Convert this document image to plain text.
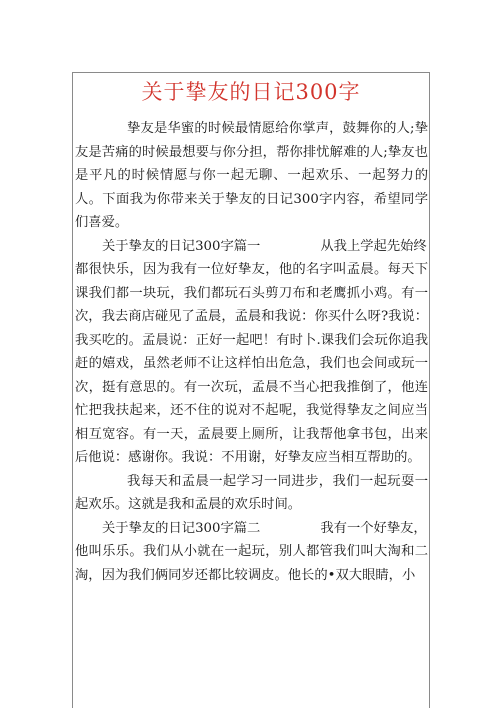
关于挚友的日记300字

挚友是华蜜的时候最情愿给你掌声，鼓舞你的人;挚友是苦痛的时候最想要与你分担，帮你排忧解难的人;挚友也是平凡的时候情愿与你一起无聊、一起欢乐、一起努力的人。下面我为你带来关于挚友的日记300字内容，希望同学们喜爱。

关于挚友的日记300字篇一	从我上学起先始终

都很快乐，因为我有一位好挚友，他的名字叫孟晨。每天下课我们都一块玩，我们都玩石头剪刀布和老鹰抓小鸡。有一次，我去商店碰见了孟晨，孟晨和我说：你买什么呀?我说：我买吃的。孟晨说：正好一起吧！有时卜.课我们会玩你追我赶的嬉戏，虽然老师不让这样怕出危急，我们也会间或玩一次，挺有意思的。有一次玩，孟晨不当心把我推倒了，他连忙把我扶起来，还不住的说对不起呢，我觉得挚友之间应当相互宽容。有一天，孟晨要上厕所，让我帮他拿书包，出来后他说：感谢你。我说：不用谢，好挚友应当相互帮助的。

我每天和孟晨一起学习一同进步，我们一起玩耍一起欢乐。这就是我和孟晨的欢乐时间。

关于挚友的日记300字篇二	我有一个好挚友，

他叫乐乐。我们从小就在一起玩，别人都管我们叫大淘和二淘，因为我们俩同岁还都比较调皮。他长的•双大眼睛，小
